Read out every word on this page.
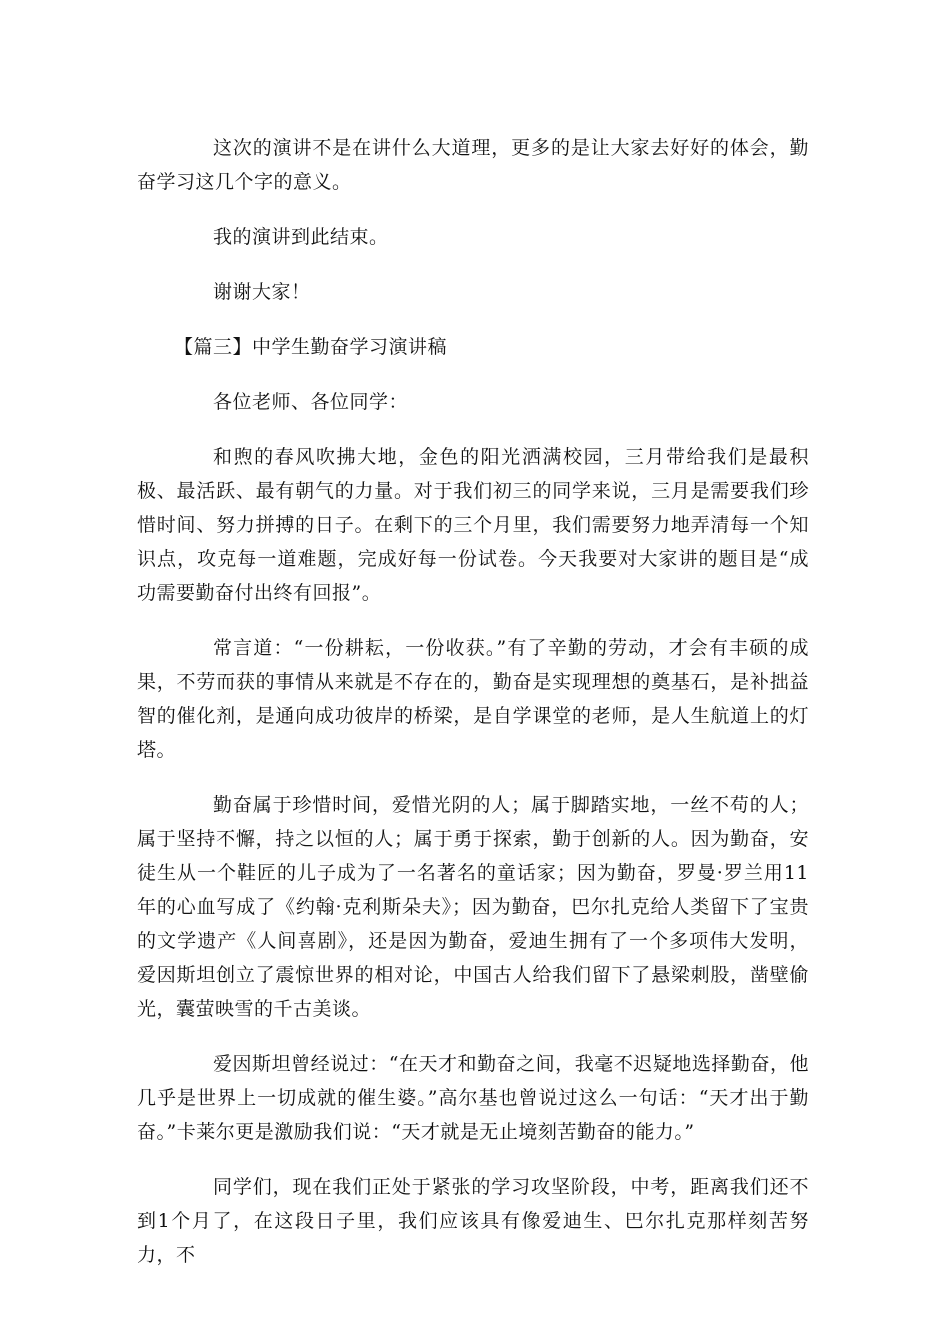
这次的演讲不是在讲什么大道理，更多的是让大家去好好的体会，勤奋学习这几个字的意义。

我的演讲到此结束。

谢谢大家！

【篇三】中学生勤奋学习演讲稿

各位老师、各位同学：

和煦的春风吹拂大地，金色的阳光洒满校园，三月带给我们是最积极、最活跃、最有朝气的力量。对于我们初三的同学来说，三月是需要我们珍惜时间、努力拼搏的日子。在剩下的三个月里，我们需要努力地弄清每一个知识点，攻克每一道难题，完成好每一份试卷。今天我要对大家讲的题目是“成功需要勤奋付出终有回报”。

常言道：“一份耕耘，一份收获。”有了辛勤的劳动，才会有丰硕的成果，不劳而获的事情从来就是不存在的，勤奋是实现理想的奠基石，是补拙益智的催化剂，是通向成功彼岸的桥梁，是自学课堂的老师，是人生航道上的灯塔。

勤奋属于珍惜时间，爱惜光阴的人；属于脚踏实地，一丝不苟的人；属于坚持不懈，持之以恒的人；属于勇于探索，勤于创新的人。因为勤奋，安徒生从一个鞋匠的儿子成为了一名著名的童话家；因为勤奋，罗曼·罗兰用11年的心血写成了《约翰·克利斯朵夫》；因为勤奋，巴尔扎克给人类留下了宝贵的文学遗产《人间喜剧》，还是因为勤奋，爱迪生拥有了一个多项伟大发明，爱因斯坦创立了震惊世界的相对论，中国古人给我们留下了悬梁刺股，凿壁偷光，囊萤映雪的千古美谈。

爱因斯坦曾经说过：“在天才和勤奋之间，我毫不迟疑地选择勤奋，他几乎是世界上一切成就的催生婆。”高尔基也曾说过这么一句话：“天才出于勤奋。”卡莱尔更是激励我们说：“天才就是无止境刻苦勤奋的能力。”

同学们，现在我们正处于紧张的学习攻坚阶段，中考，距离我们还不到1个月了，在这段日子里，我们应该具有像爱迪生、巴尔扎克那样刻苦努力，不
